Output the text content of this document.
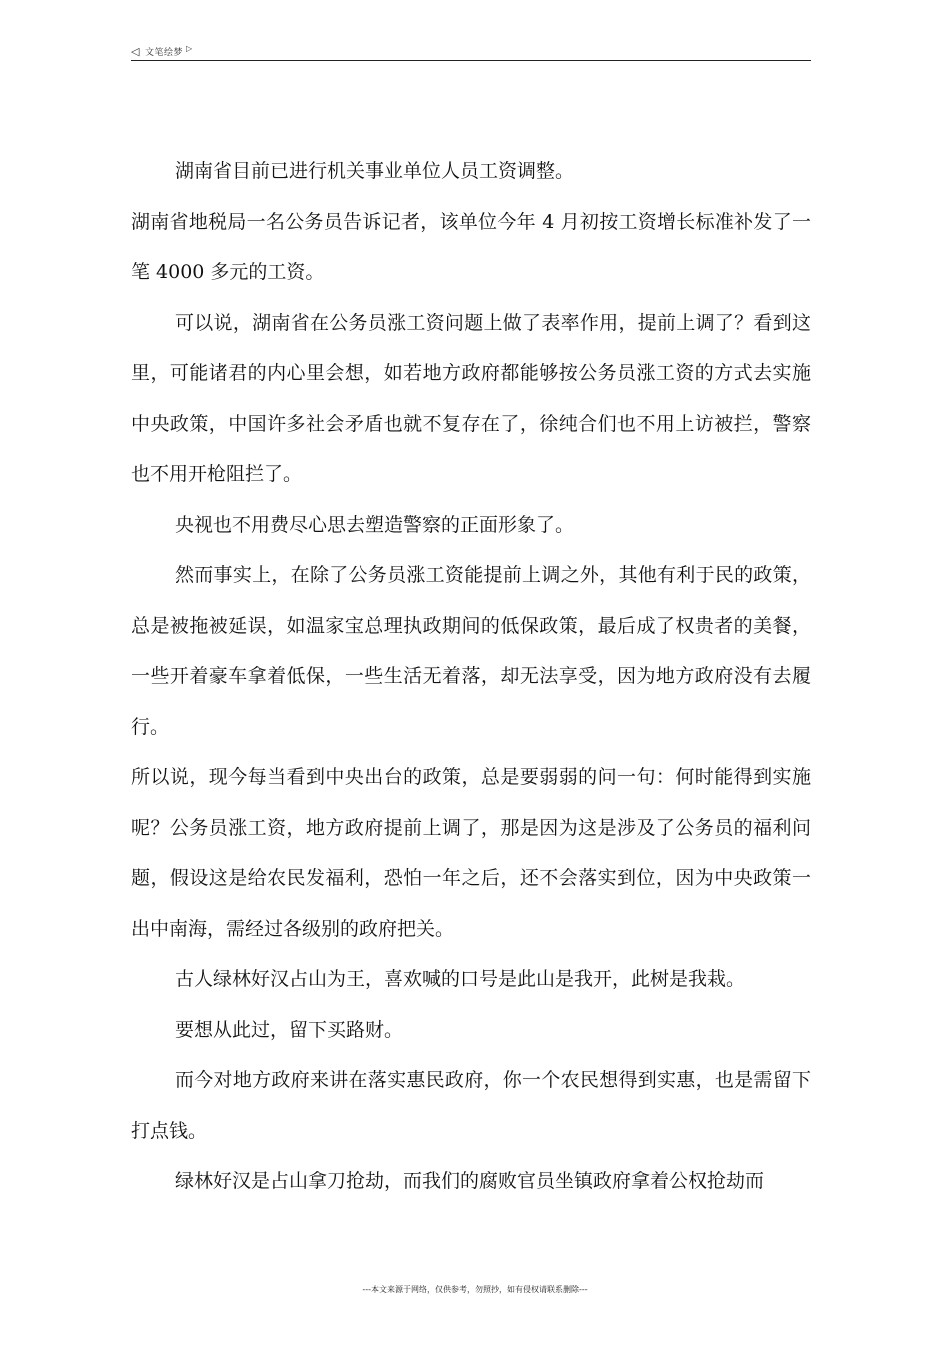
◁ 文笔绘梦 ▷

湖南省目前已进行机关事业单位人员工资调整。

湖南省地税局一名公务员告诉记者，该单位今年 4 月初按工资增长标准补发了一笔 4000 多元的工资。

可以说，湖南省在公务员涨工资问题上做了表率作用，提前上调了？看到这里，可能诸君的内心里会想，如若地方政府都能够按公务员涨工资的方式去实施中央政策，中国许多社会矛盾也就不复存在了，徐纯合们也不用上访被拦，警察也不用开枪阻拦了。

央视也不用费尽心思去塑造警察的正面形象了。

然而事实上，在除了公务员涨工资能提前上调之外，其他有利于民的政策，总是被拖被延误，如温家宝总理执政期间的低保政策，最后成了权贵者的美餐，一些开着豪车拿着低保，一些生活无着落，却无法享受，因为地方政府没有去履行。

所以说，现今每当看到中央出台的政策，总是要弱弱的问一句：何时能得到实施呢？公务员涨工资，地方政府提前上调了，那是因为这是涉及了公务员的福利问题，假设这是给农民发福利，恐怕一年之后，还不会落实到位，因为中央政策一出中南海，需经过各级别的政府把关。

古人绿林好汉占山为王，喜欢喊的口号是此山是我开，此树是我栽。

要想从此过，留下买路财。

而今对地方政府来讲在落实惠民政府，你一个农民想得到实惠，也是需留下打点钱。

绿林好汉是占山拿刀抢劫，而我们的腐败官员坐镇政府拿着公权抢劫而

---本文来源于网络，仅供参考，勿照抄，如有侵权请联系删除---
